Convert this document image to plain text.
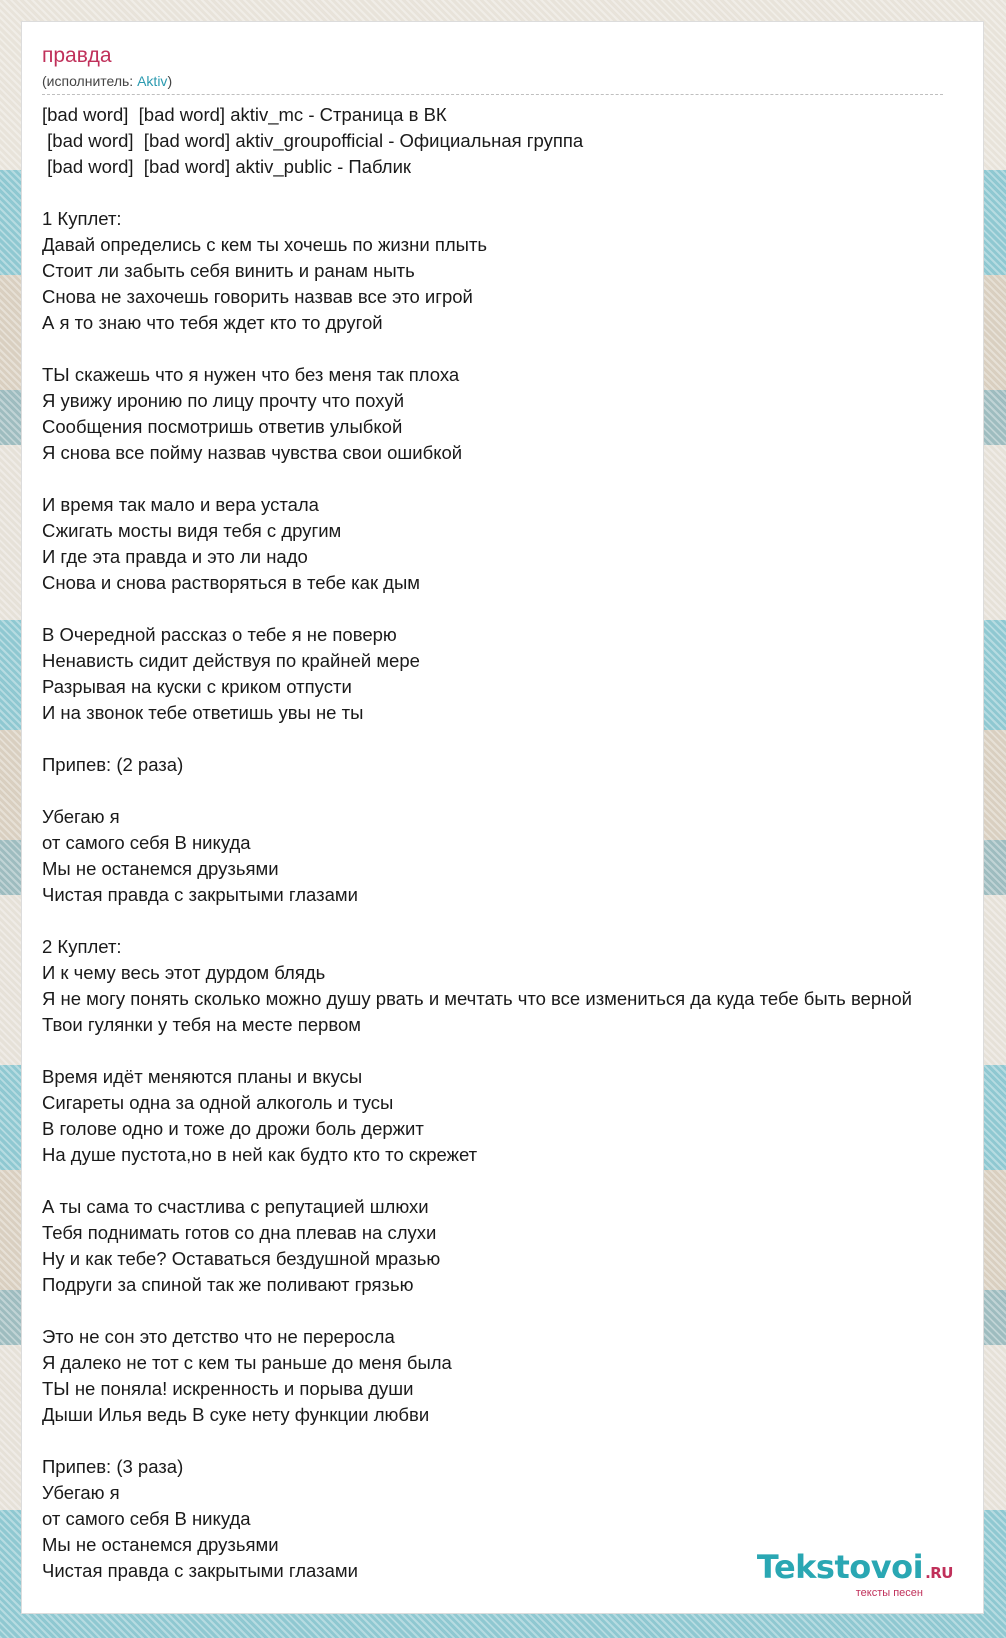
правда
(исполнитель: Aktiv)
[bad word]  [bad word] aktiv_mc - Страница в ВК
[bad word]  [bad word] aktiv_groupofficial - Официальная группа
[bad word]  [bad word] aktiv_public - Паблик
1 Куплет:
Давай определись с кем ты хочешь по жизни плыть
Стоит ли забыть себя винить и ранам ныть
Снова не захочешь говорить назвав все это игрой
А я то знаю что тебя ждет кто то другой
ТЫ скажешь что я нужен что без меня так плоха
Я увижу иронию по лицу прочту что похуй
Сообщения посмотришь ответив улыбкой
Я снова все пойму назвав чувства свои ошибкой
И время так мало и вера устала
Сжигать мосты видя тебя с другим
И где эта правда и это ли надо
Снова и снова растворяться в тебе как дым
В Очередной рассказ о тебе я не поверю
Ненависть сидит действуя по крайней мере
Разрывая на куски с криком отпусти
И на звонок тебе ответишь увы не ты
Припев: (2 раза)
Убегаю я
от самого себя В никуда
Мы не останемся друзьями
Чистая правда с закрытыми глазами
2 Куплет:
И к чему весь этот дурдом блядь
Я не могу понять сколько можно душу рвать и мечтать что все измениться да куда тебе быть верной
Твои гулянки у тебя на месте первом
Время идёт меняются планы и вкусы
Сигареты одна за одной алкоголь и тусы
В голове одно и тоже до дрожи боль держит
На душе пустота,но в ней как будто кто то скрежет
А ты сама то счастлива с репутацией шлюхи
Тебя поднимать готов со дна плевав на слухи
Ну и как тебе? Оставаться бездушной мразью
Подруги за спиной так же поливают грязью
Это не сон это детство что не переросла
Я далеко не тот с кем ты раньше до меня была
ТЫ не поняла! искренность и порыва души
Дыши Илья ведь В суке нету функции любви
Припев: (3 раза)
Убегаю я
от самого себя В никуда
Мы не останемся друзьями
Чистая правда с закрытыми глазами	Tekstovoi .RU
тексты песен
